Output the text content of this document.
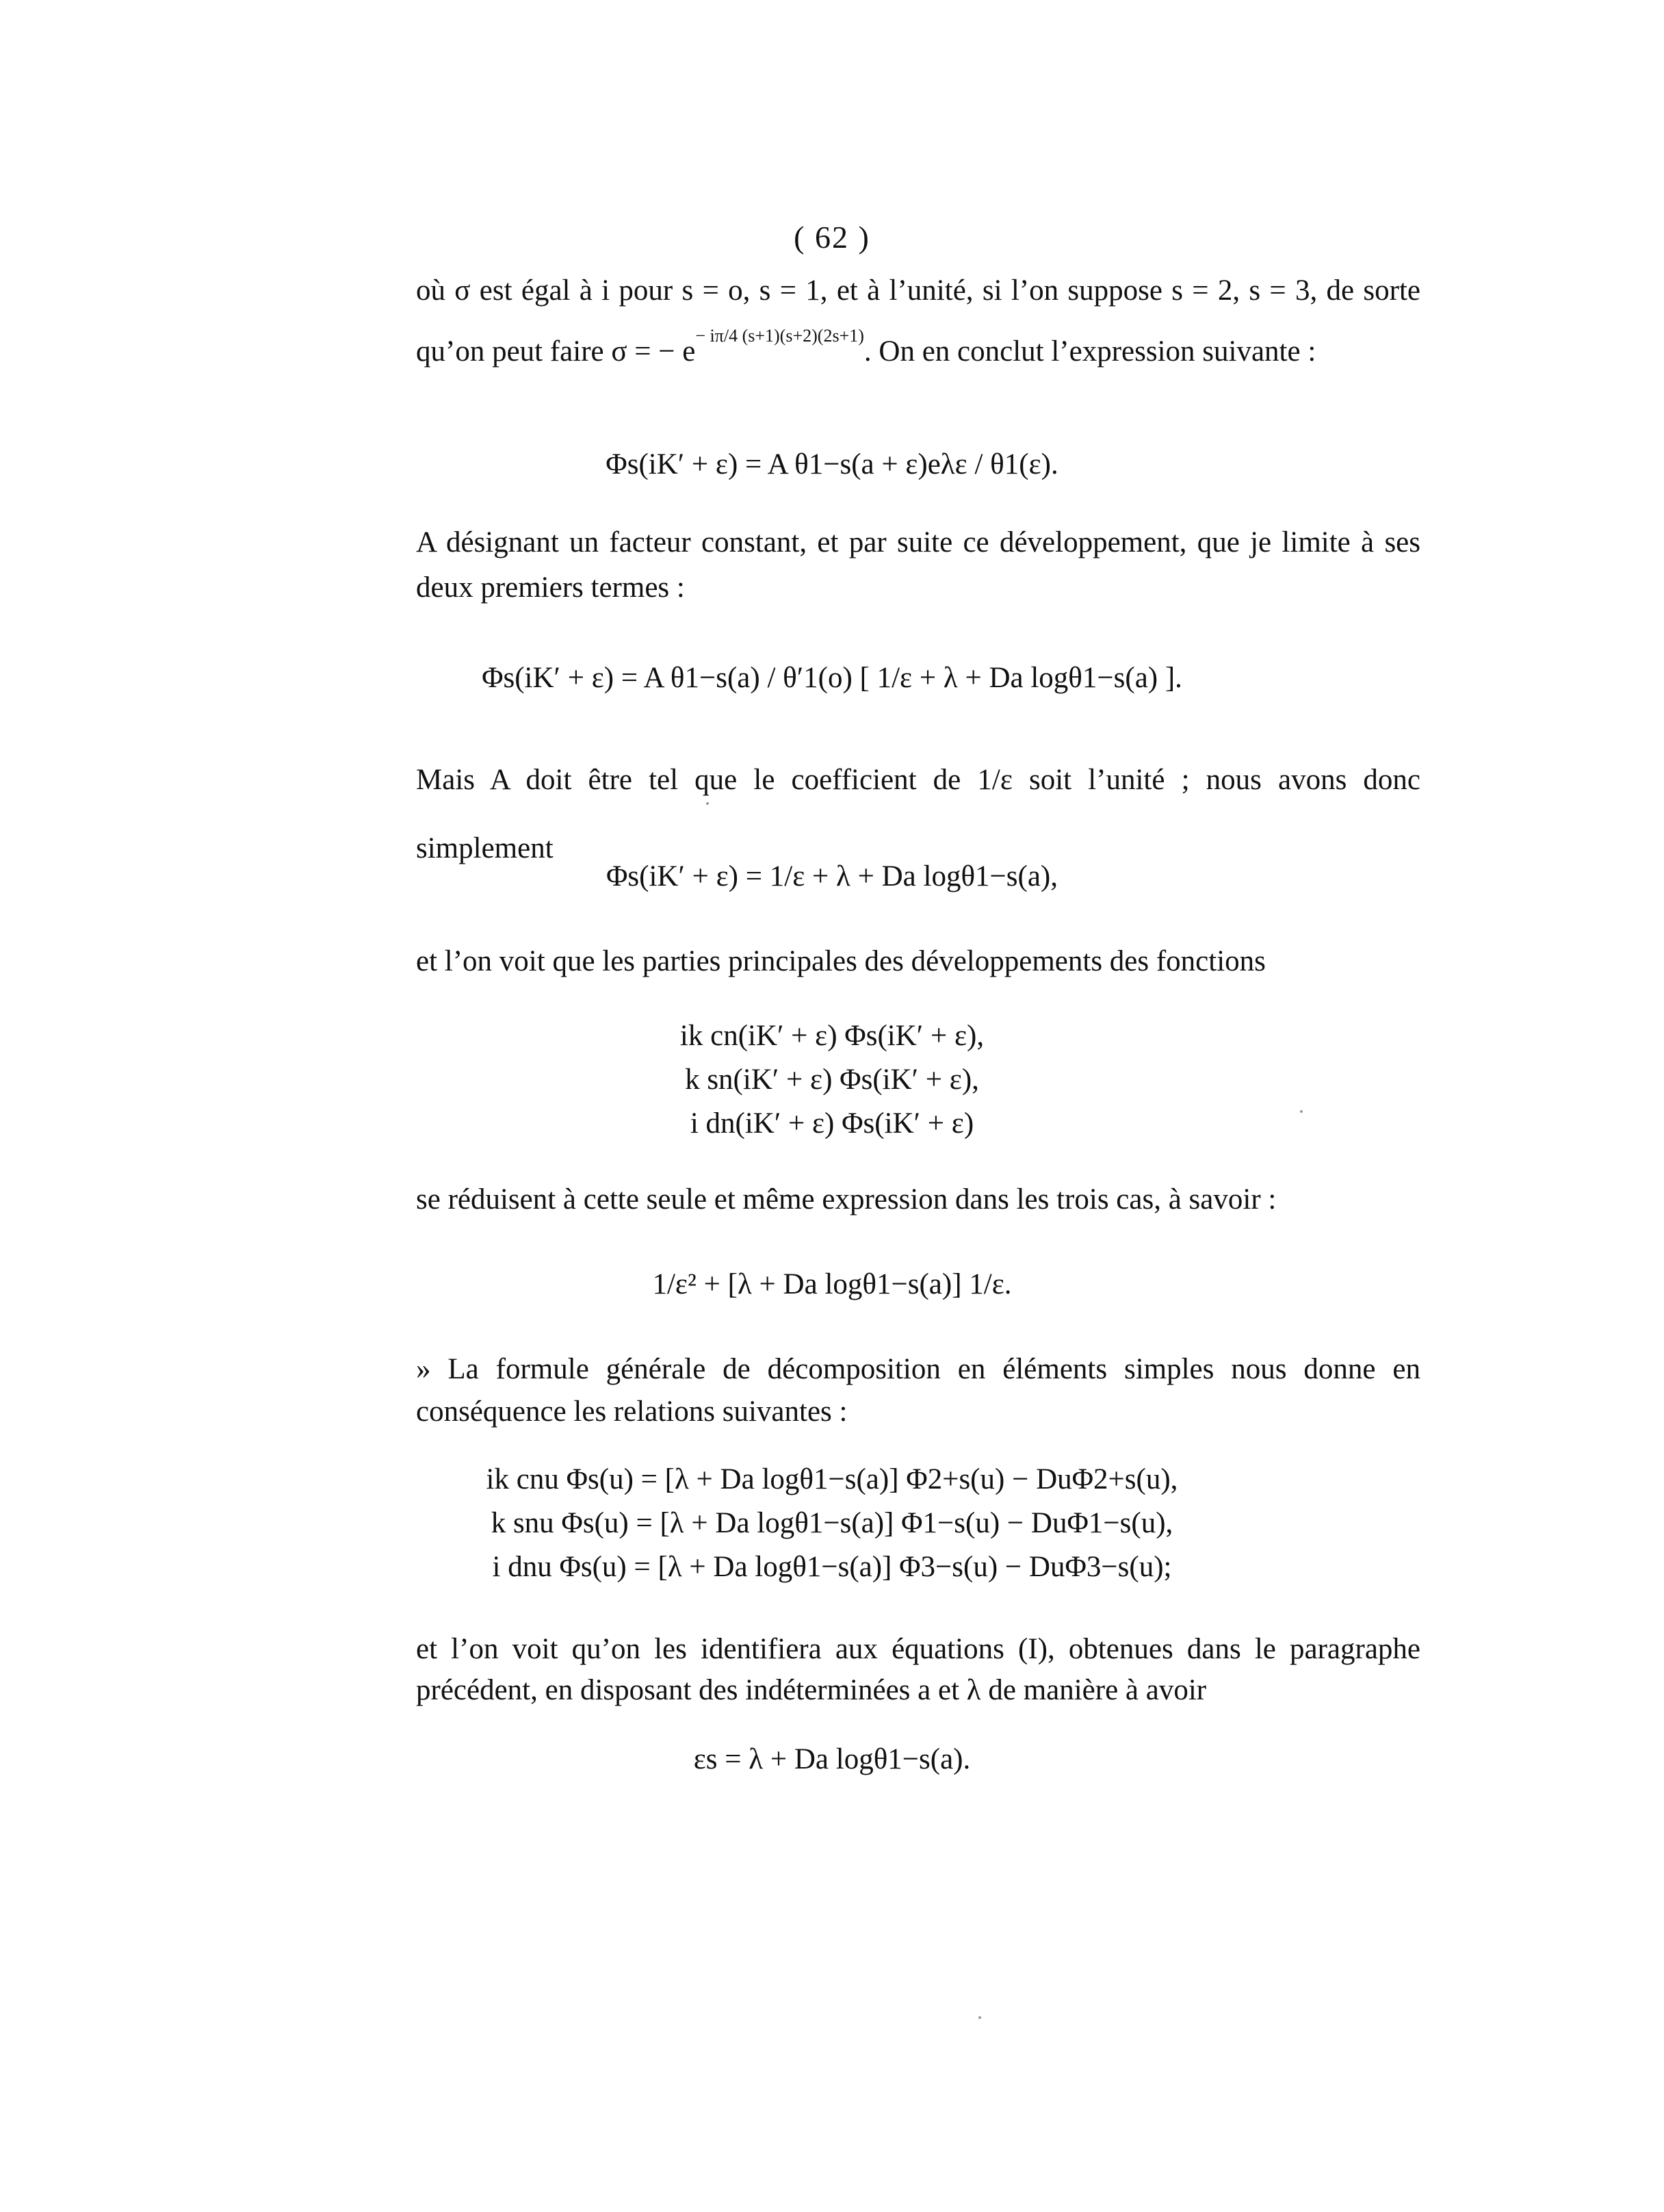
( 62 )
où σ est égal à i pour s = o, s = 1, et à l’unité, si l’on suppose s = 2, s = 3, de sorte qu’on peut faire σ = − e− iπ/4 (s+1)(s+2)(2s+1). On en conclut l’expression suivante :
Φs(iK′ + ε) = A θ1−s(a + ε)eλε / θ1(ε).
A désignant un facteur constant, et par suite ce développement, que je limite à ses deux premiers termes :
Φs(iK′ + ε) = A θ1−s(a) / θ′1(o) [ 1/ε + λ + Da logθ1−s(a) ].
Mais A doit être tel que le coefficient de 1/ε soit l’unité ; nous avons donc simplement
Φs(iK′ + ε) = 1/ε + λ + Da logθ1−s(a),
et l’on voit que les parties principales des développements des fonctions
ik cn(iK′ + ε) Φs(iK′ + ε),
k sn(iK′ + ε) Φs(iK′ + ε),
i dn(iK′ + ε) Φs(iK′ + ε)
se réduisent à cette seule et même expression dans les trois cas, à savoir :
1/ε² + [λ + Da logθ1−s(a)] 1/ε.
» La formule générale de décomposition en éléments simples nous donne en conséquence les relations suivantes :
ik cnu Φs(u) = [λ + Da logθ1−s(a)] Φ2+s(u) − DuΦ2+s(u),
k snu Φs(u) = [λ + Da logθ1−s(a)] Φ1−s(u) − DuΦ1−s(u),
i dnu Φs(u) = [λ + Da logθ1−s(a)] Φ3−s(u) − DuΦ3−s(u);
et l’on voit qu’on les identifiera aux équations (I), obtenues dans le paragraphe précédent, en disposant des indéterminées a et λ de manière à avoir
εs = λ + Da logθ1−s(a).
